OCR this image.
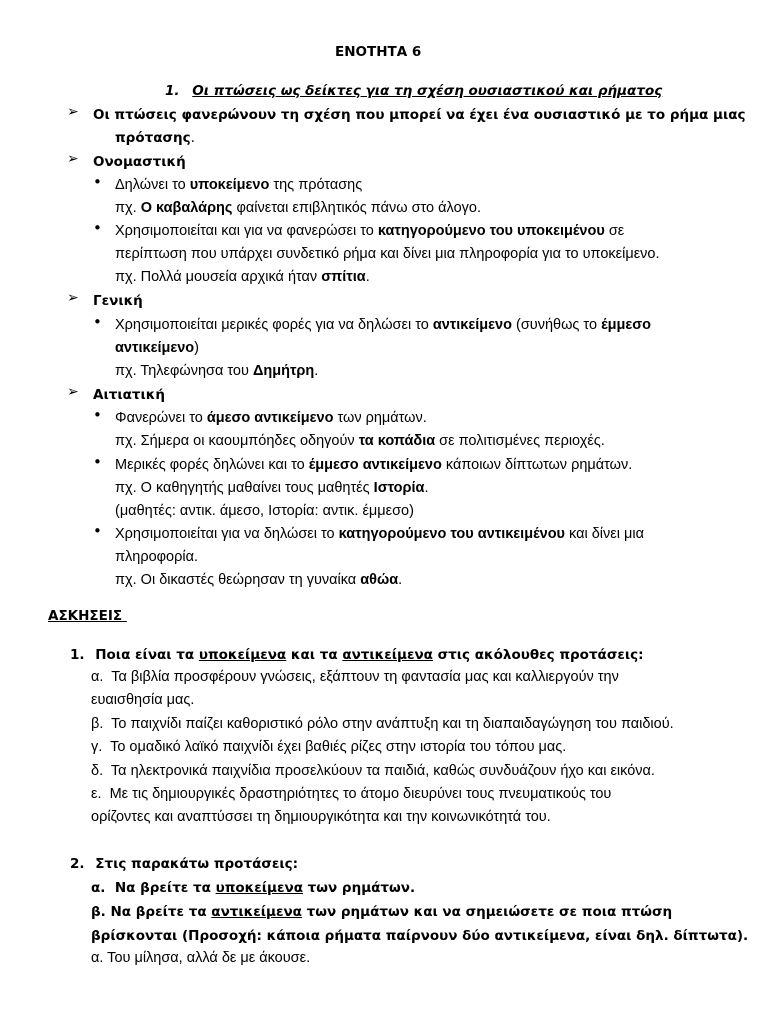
ΕΝΟΤΗΤΑ 6
1. Οι πτώσεις ως δείκτες για τη σχέση ουσιαστικού και ρήματος
➢ Οι πτώσεις φανερώνουν τη σχέση που μπορεί να έχει ένα ουσιαστικό με το ρήμα μιας
πρότασης.
➢ Ονομαστική
• Δηλώνει το υποκείμενο της πρότασης
πχ. Ο καβαλάρης φαίνεται επιβλητικός πάνω στο άλογο.
• Χρησιμοποιείται και για να φανερώσει το κατηγορούμενο του υποκειμένου σε
περίπτωση που υπάρχει συνδετικό ρήμα και δίνει μια πληροφορία για το υποκείμενο.
πχ. Πολλά μουσεία αρχικά ήταν σπίτια.
➢ Γενική
• Χρησιμοποιείται μερικές φορές για να δηλώσει το αντικείμενο (συνήθως το έμμεσο
αντικείμενο)
πχ. Τηλεφώνησα του Δημήτρη.
➢ Αιτιατική
• Φανερώνει το άμεσο αντικείμενο των ρημάτων.
πχ. Σήμερα οι καουμπόηδες οδηγούν τα κοπάδια σε πολιτισμένες περιοχές.
• Μερικές φορές δηλώνει και το έμμεσο αντικείμενο κάποιων δίπτωτων ρημάτων.
πχ. Ο καθηγητής μαθαίνει τους μαθητές Ιστορία.
(μαθητές: αντικ. άμεσο, Ιστορία: αντικ. έμμεσο)
• Χρησιμοποιείται για να δηλώσει το κατηγορούμενο του αντικειμένου και δίνει μια
πληροφορία.
πχ. Οι δικαστές θεώρησαν τη γυναίκα αθώα.
ΑΣΚΗΣΕΙΣ
1. Ποια είναι τα υποκείμενα και τα αντικείμενα στις ακόλουθες προτάσεις:
α. Τα βιβλία προσφέρουν γνώσεις, εξάπτουν τη φαντασία μας και καλλιεργούν την
ευαισθησία μας.
β. Το παιχνίδι παίζει καθοριστικό ρόλο στην ανάπτυξη και τη διαπαιδαγώγηση του παιδιού.
γ. Το ομαδικό λαϊκό παιχνίδι έχει βαθιές ρίζες στην ιστορία του τόπου μας.
δ. Τα ηλεκτρονικά παιχνίδια προσελκύουν τα παιδιά, καθώς συνδυάζουν ήχο και εικόνα.
ε. Με τις δημιουργικές δραστηριότητες το άτομο διευρύνει τους πνευματικούς του
ορίζοντες και αναπτύσσει τη δημιουργικότητα και την κοινωνικότητά του.
2. Στις παρακάτω προτάσεις:
α. Να βρείτε τα υποκείμενα των ρημάτων.
β. Να βρείτε τα αντικείμενα των ρημάτων και να σημειώσετε σε ποια πτώση
βρίσκονται (Προσοχή: κάποια ρήματα παίρνουν δύο αντικείμενα, είναι δηλ. δίπτωτα).
α. Του μίλησα, αλλά δε με άκουσε.
